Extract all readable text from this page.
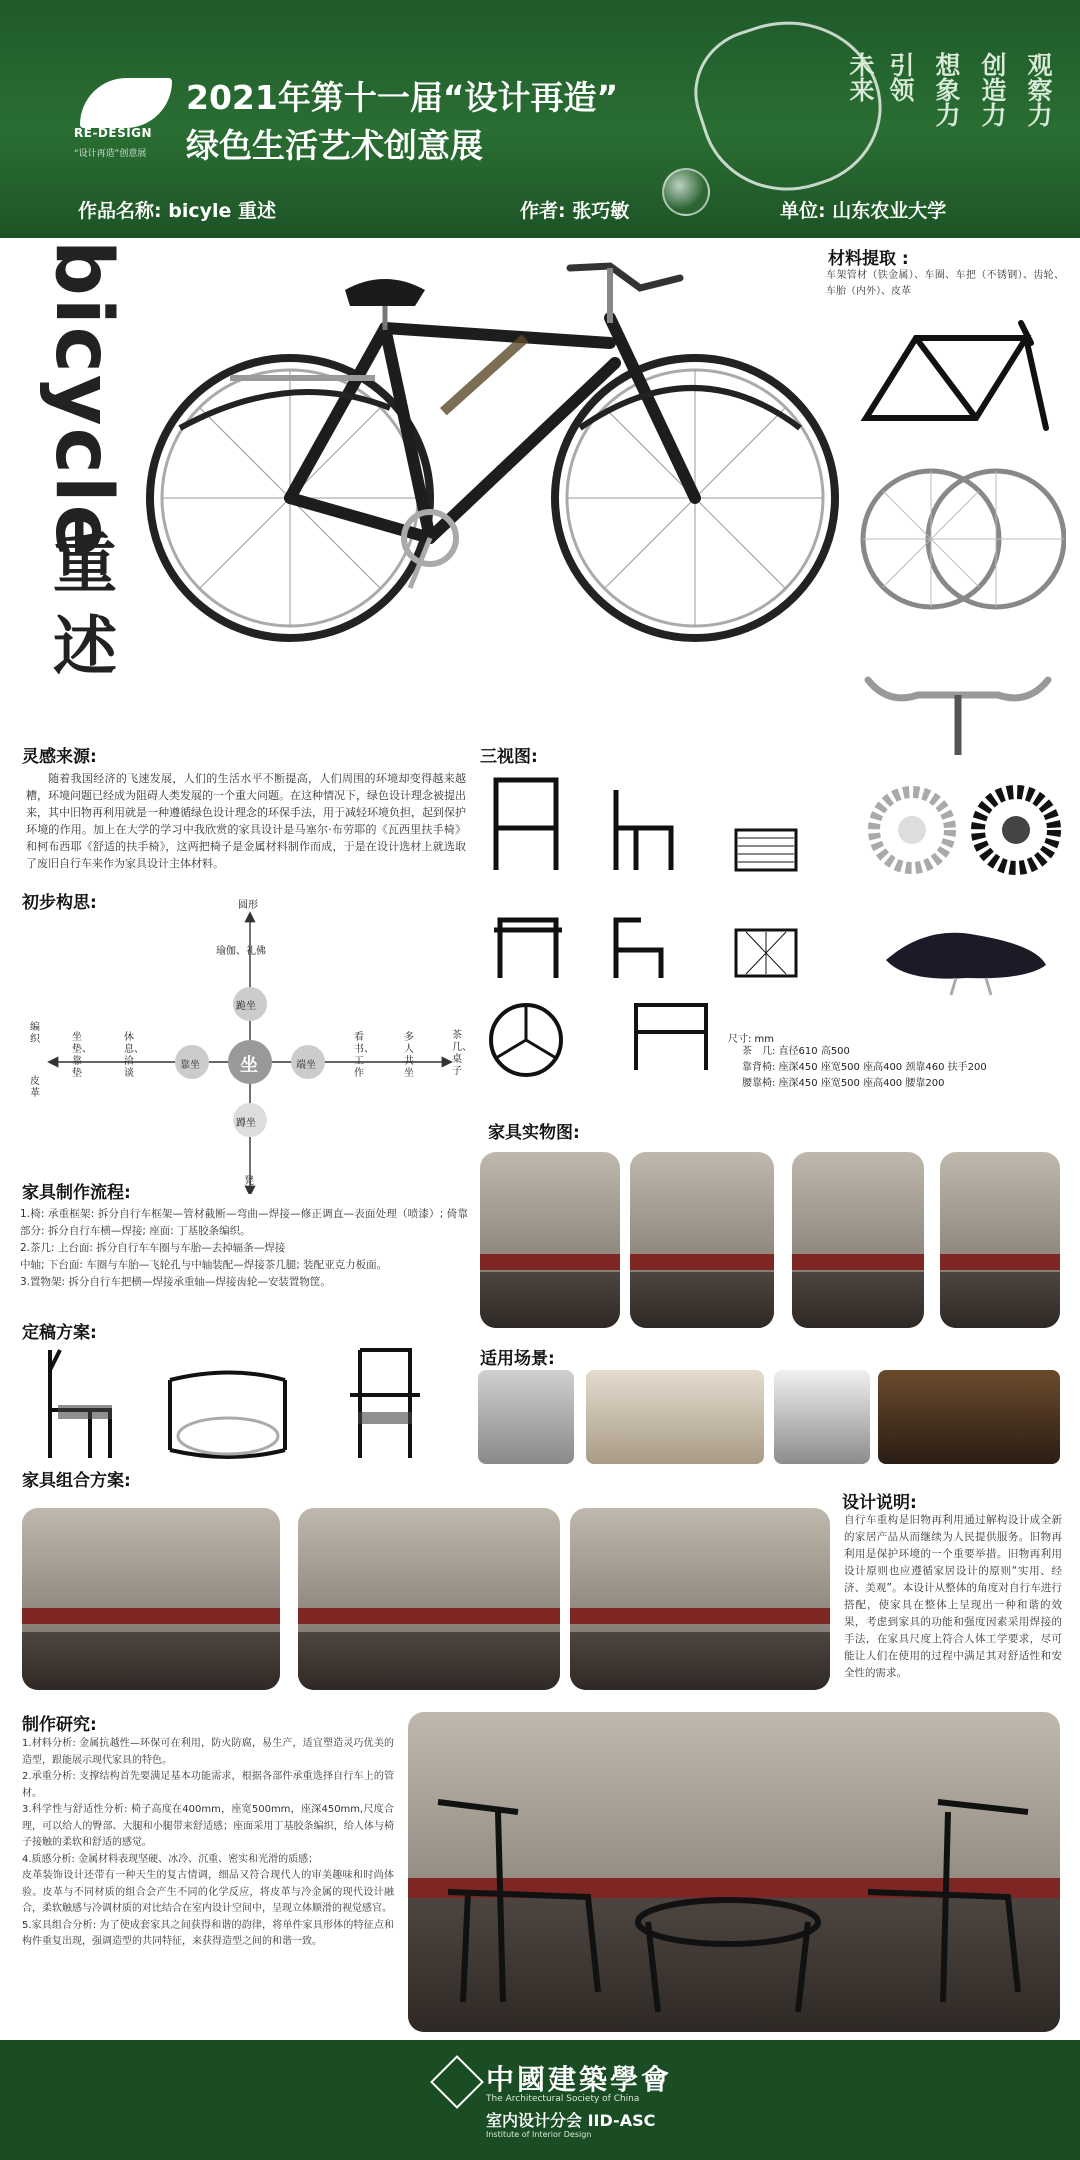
RE-DESIGN
“设计再造”创意展
2021年第十一届“设计再造”
绿色生活艺术创意展
未来 引领 想象力 创造力 观察力
作品名称: bicyle 重述	作者: 张巧敏	单位: 山东农业大学
bicycle
重述
材料提取 :
车架管材（铁金属）、车圈、车把（不锈钢）、齿轮、车胎（内外）、皮革
灵感来源:
随着我国经济的飞速发展，人们的生活水平不断提高，人们周围的环境却变得越来越糟，环境问题已经成为阻碍人类发展的一个重大问题。在这种情况下，绿色设计理念被提出来，其中旧物再利用就是一种遵循绿色设计理念的环保手法，用于减轻环境负担，起到保护环境的作用。加上在大学的学习中我欣赏的家具设计是马塞尔·布劳耶的《瓦西里扶手椅》和柯布西耶《舒适的扶手椅》，这两把椅子是金属材料制作而成，于是在设计选材上就选取了废旧自行车来作为家具设计主体材料。
初步构思:
坐
跪坐
蹲坐
靠坐	端坐
圆形
瑜伽、礼佛
凳
休息、洽谈
坐垫、靠垫
编织
皮革
看书、工作
多人共坐
茶几、桌子
三视图:
尺寸: mm
茶　几: 直径610 高500
靠背椅: 座深450 座宽500 座高400 颈靠460 扶手200
腰靠椅: 座深450 座宽500 座高400 腰靠200
家具实物图:
家具制作流程:
1.椅: 承重框架: 拆分自行车框架—管材截断—弯曲—焊接—修正调直—表面处理（喷漆）; 倚靠部分: 拆分自行车横—焊接; 座面: 丁基胶条编织。
2.茶几: 上台面: 拆分自行车车圈与车胎—去掉辐条—焊接
中轴; 下台面: 车圈与车胎—飞轮孔与中轴装配—焊接茶几腿; 装配亚克力板面。
3.置物架: 拆分自行车把横—焊接承重轴—焊接齿轮—安装置物筐。
定稿方案:
适用场景:
家具组合方案:
设计说明:
自行车重构是旧物再利用通过解构设计成全新的家居产品从而继续为人民提供服务。旧物再利用是保护环境的一个重要举措。旧物再利用设计原则也应遵循家居设计的原则“实用、经济、美观”。本设计从整体的角度对自行车进行搭配，使家具在整体上呈现出一种和谐的效果，考虑到家具的功能和强度因素采用焊接的手法，在家具尺度上符合人体工学要求，尽可能让人们在使用的过程中满足其对舒适性和安全性的需求。
制作研究:
1.材料分析: 金属抗越性—环保可在利用，防火防腐，易生产，适宜塑造灵巧优美的造型，跟能展示现代家具的特色。
2.承重分析: 支撑结构首先要满足基本功能需求，根据各部件承重选择自行车上的管材。
3.科学性与舒适性分析: 椅子高度在400mm，座宽500mm，座深450mm,尺度合理，可以给人的臀部、大腿和小腿带来舒适感；座面采用丁基胶条编织，给人体与椅子接触的柔软和舒适的感觉。
4.质感分析: 金属材料表现坚硬、冰冷、沉重、密实和光滑的质感；
皮革装饰设计还带有一种天生的复古情调，细品又符合现代人的审美趣味和时尚体验。皮革与不同材质的组合会产生不同的化学反应，将皮革与冷金属的现代设计融合，柔软触感与冷调材质的对比结合在室内设计空间中，呈现立体顺滑的视觉感官。
5.家具组合分析: 为了使成套家具之间获得和谐的韵律，将单件家具形体的特征点和构件重复出现，强调造型的共同特征，来获得造型之间的和谐一致。
中國建築學會
The Architectural Society of China
室内设计分会 IID-ASC
Institute of Interior Design
